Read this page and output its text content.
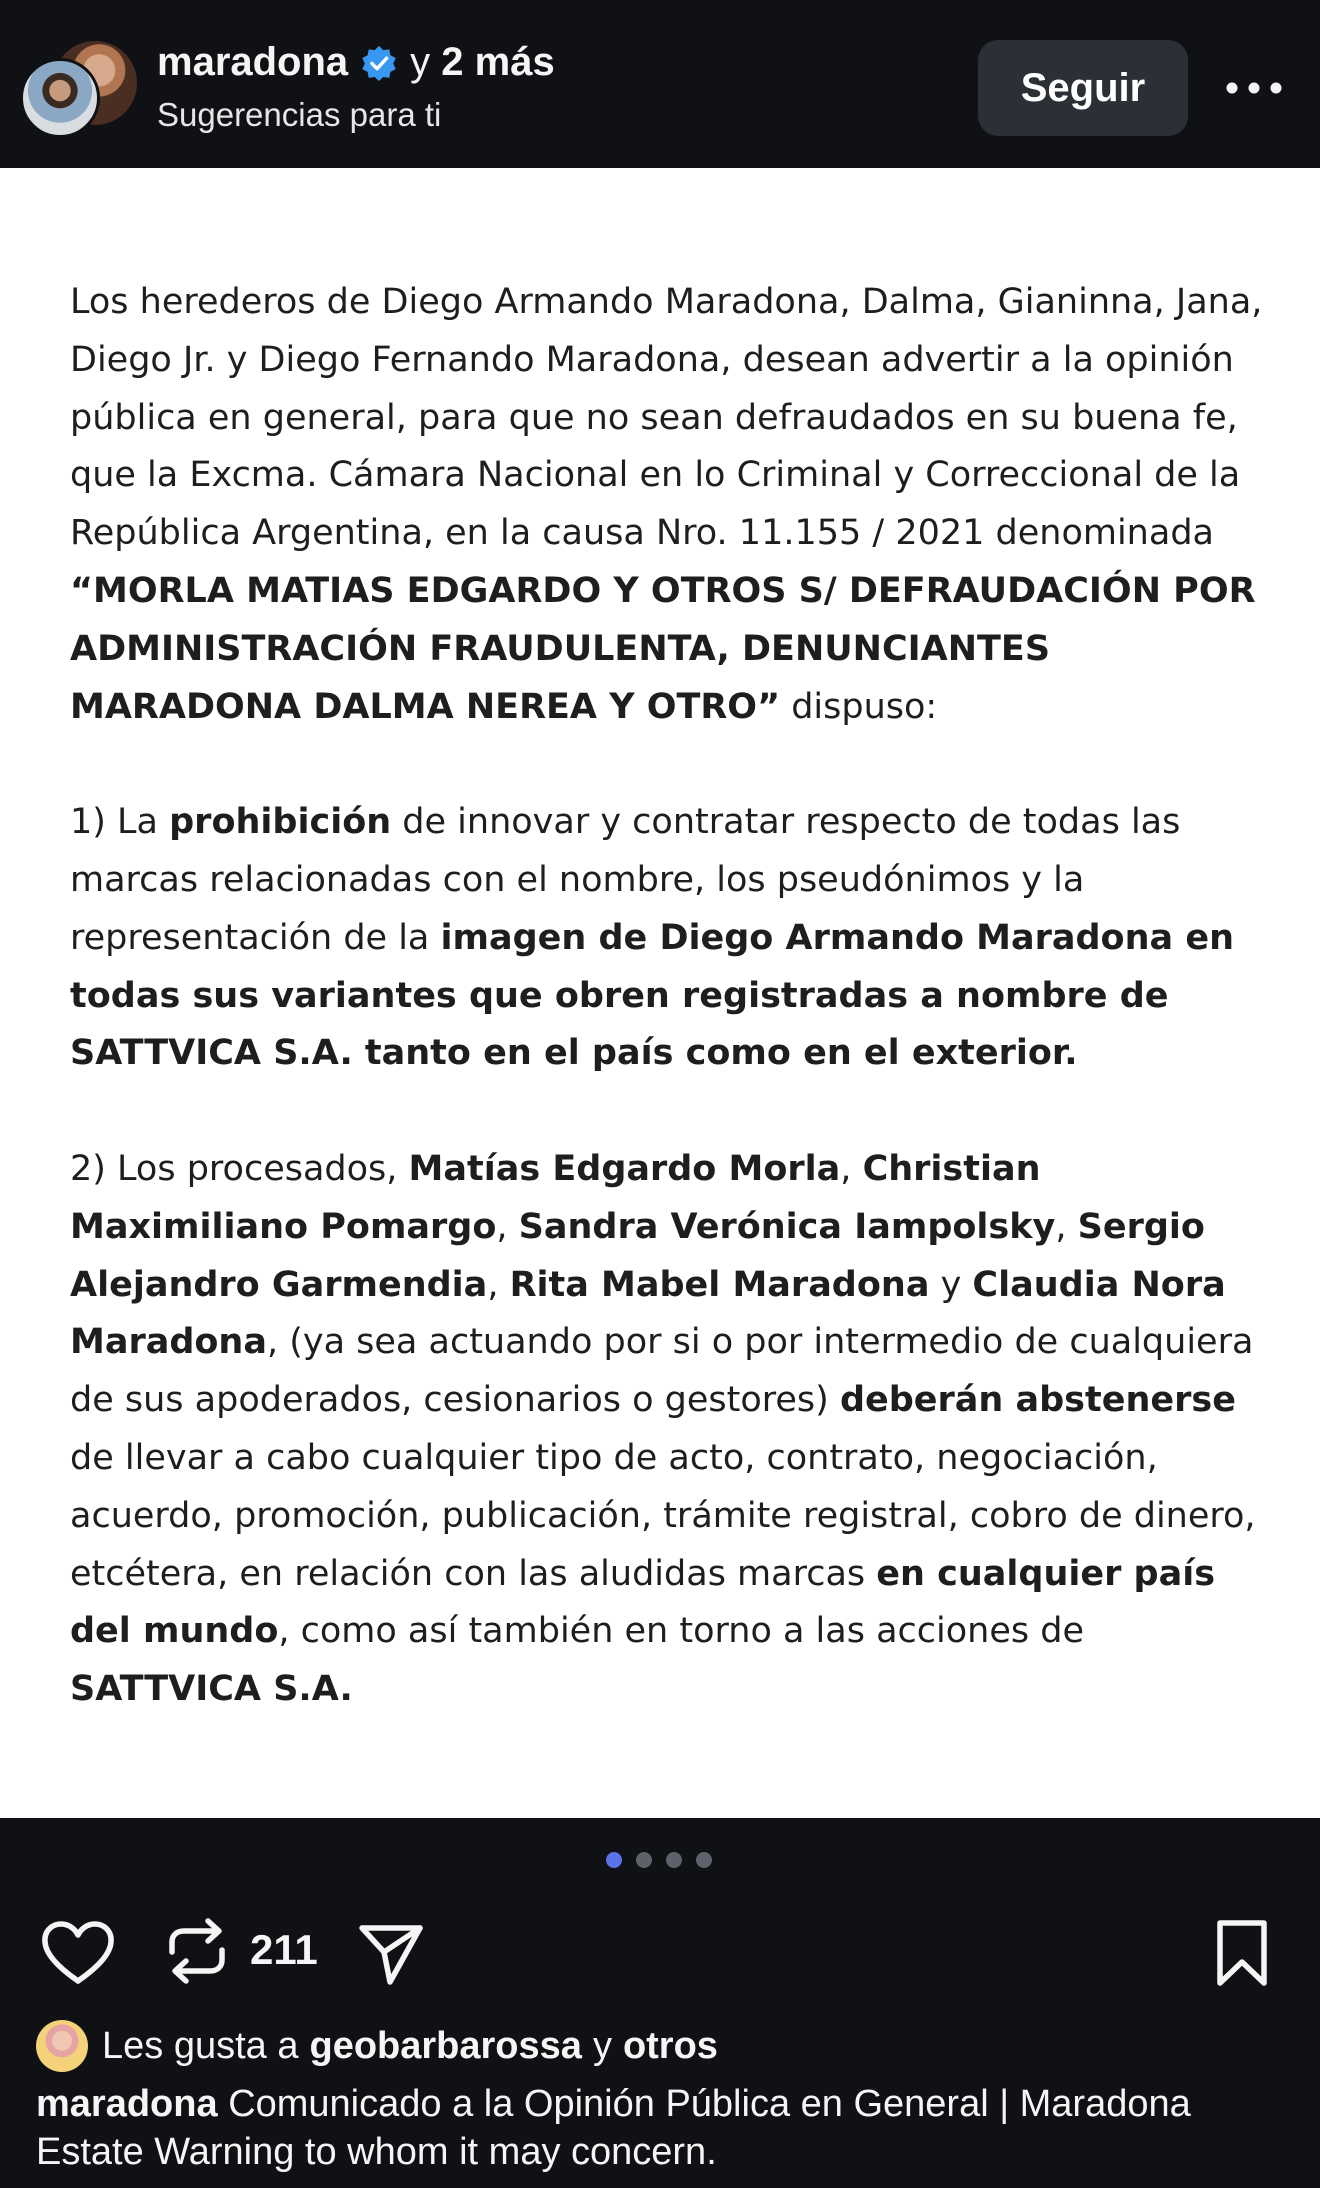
maradona y 2 más
Sugerencias para ti
Seguir

Los herederos de Diego Armando Maradona, Dalma, Gianinna, Jana, Diego Jr. y Diego Fernando Maradona, desean advertir a la opinión pública en general, para que no sean defraudados en su buena fe, que la Excma. Cámara Nacional en lo Criminal y Correccional de la República Argentina, en la causa Nro. 11.155 / 2021 denominada “MORLA MATIAS EDGARDO Y OTROS S/ DEFRAUDACIÓN POR ADMINISTRACIÓN FRAUDULENTA, DENUNCIANTES MARADONA DALMA NEREA Y OTRO” dispuso:

1) La prohibición de innovar y contratar respecto de todas las marcas relacionadas con el nombre, los pseudónimos y la representación de la imagen de Diego Armando Maradona en todas sus variantes que obren registradas a nombre de SATTVICA S.A. tanto en el país como en el exterior.

2) Los procesados, Matías Edgardo Morla, Christian Maximiliano Pomargo, Sandra Verónica Iampolsky, Sergio Alejandro Garmendia, Rita Mabel Maradona y Claudia Nora Maradona, (ya sea actuando por si o por intermedio de cualquiera de sus apoderados, cesionarios o gestores) deberán abstenerse de llevar a cabo cualquier tipo de acto, contrato, negociación, acuerdo, promoción, publicación, trámite registral, cobro de dinero, etcétera, en relación con las aludidas marcas en cualquier país del mundo, como así también en torno a las acciones de SATTVICA S.A.

211
Les gusta a geobarbarossa y otros
maradona Comunicado a la Opinión Pública en General | Maradona Estate Warning to whom it may concern.
